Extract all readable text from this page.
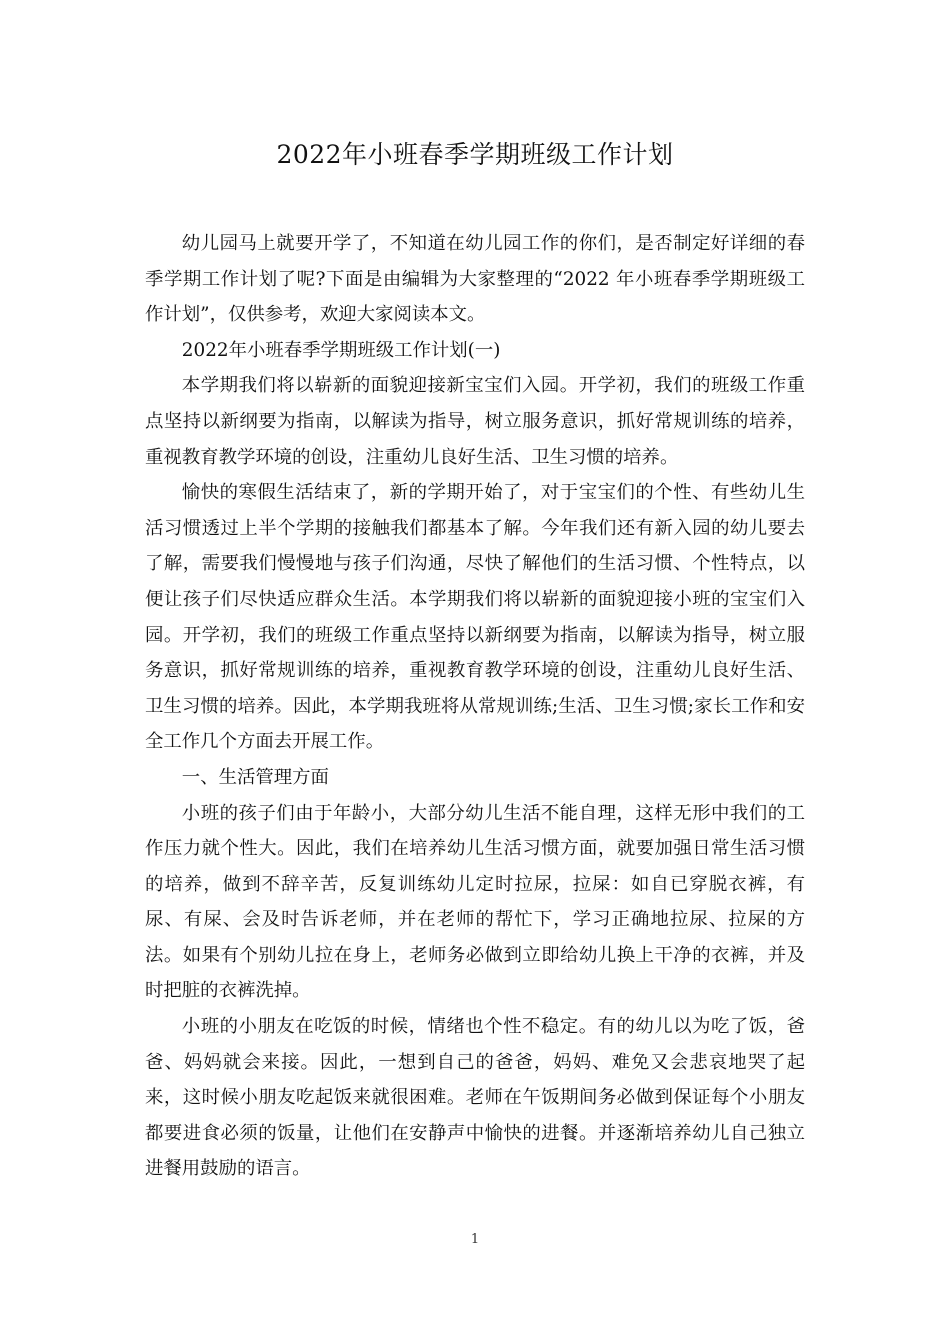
2022年小班春季学期班级工作计划

幼儿园马上就要开学了，不知道在幼儿园工作的你们，是否制定好详细的春季学期工作计划了呢?下面是由编辑为大家整理的“2022 年小班春季学期班级工作计划”，仅供参考，欢迎大家阅读本文。

2022年小班春季学期班级工作计划(一)

本学期我们将以崭新的面貌迎接新宝宝们入园。开学初，我们的班级工作重点坚持以新纲要为指南，以解读为指导，树立服务意识，抓好常规训练的培养，重视教育教学环境的创设，注重幼儿良好生活、卫生习惯的培养。

愉快的寒假生活结束了，新的学期开始了，对于宝宝们的个性、有些幼儿生活习惯透过上半个学期的接触我们都基本了解。今年我们还有新入园的幼儿要去了解，需要我们慢慢地与孩子们沟通，尽快了解他们的生活习惯、个性特点，以便让孩子们尽快适应群众生活。本学期我们将以崭新的面貌迎接小班的宝宝们入园。开学初，我们的班级工作重点坚持以新纲要为指南，以解读为指导，树立服务意识，抓好常规训练的培养，重视教育教学环境的创设，注重幼儿良好生活、卫生习惯的培养。因此，本学期我班将从常规训练;生活、卫生习惯;家长工作和安全工作几个方面去开展工作。

一、生活管理方面

小班的孩子们由于年龄小，大部分幼儿生活不能自理，这样无形中我们的工作压力就个性大。因此，我们在培养幼儿生活习惯方面，就要加强日常生活习惯的培养，做到不辞辛苦，反复训练幼儿定时拉尿，拉屎：如自已穿脱衣裤，有尿、有屎、会及时告诉老师，并在老师的帮忙下，学习正确地拉尿、拉屎的方法。如果有个别幼儿拉在身上，老师务必做到立即给幼儿换上干净的衣裤，并及时把脏的衣裤洗掉。

小班的小朋友在吃饭的时候，情绪也个性不稳定。有的幼儿以为吃了饭，爸爸、妈妈就会来接。因此，一想到自己的爸爸，妈妈、难免又会悲哀地哭了起来，这时候小朋友吃起饭来就很困难。老师在午饭期间务必做到保证每个小朋友都要进食必须的饭量，让他们在安静声中愉快的进餐。并逐渐培养幼儿自己独立进餐用鼓励的语言。

1
